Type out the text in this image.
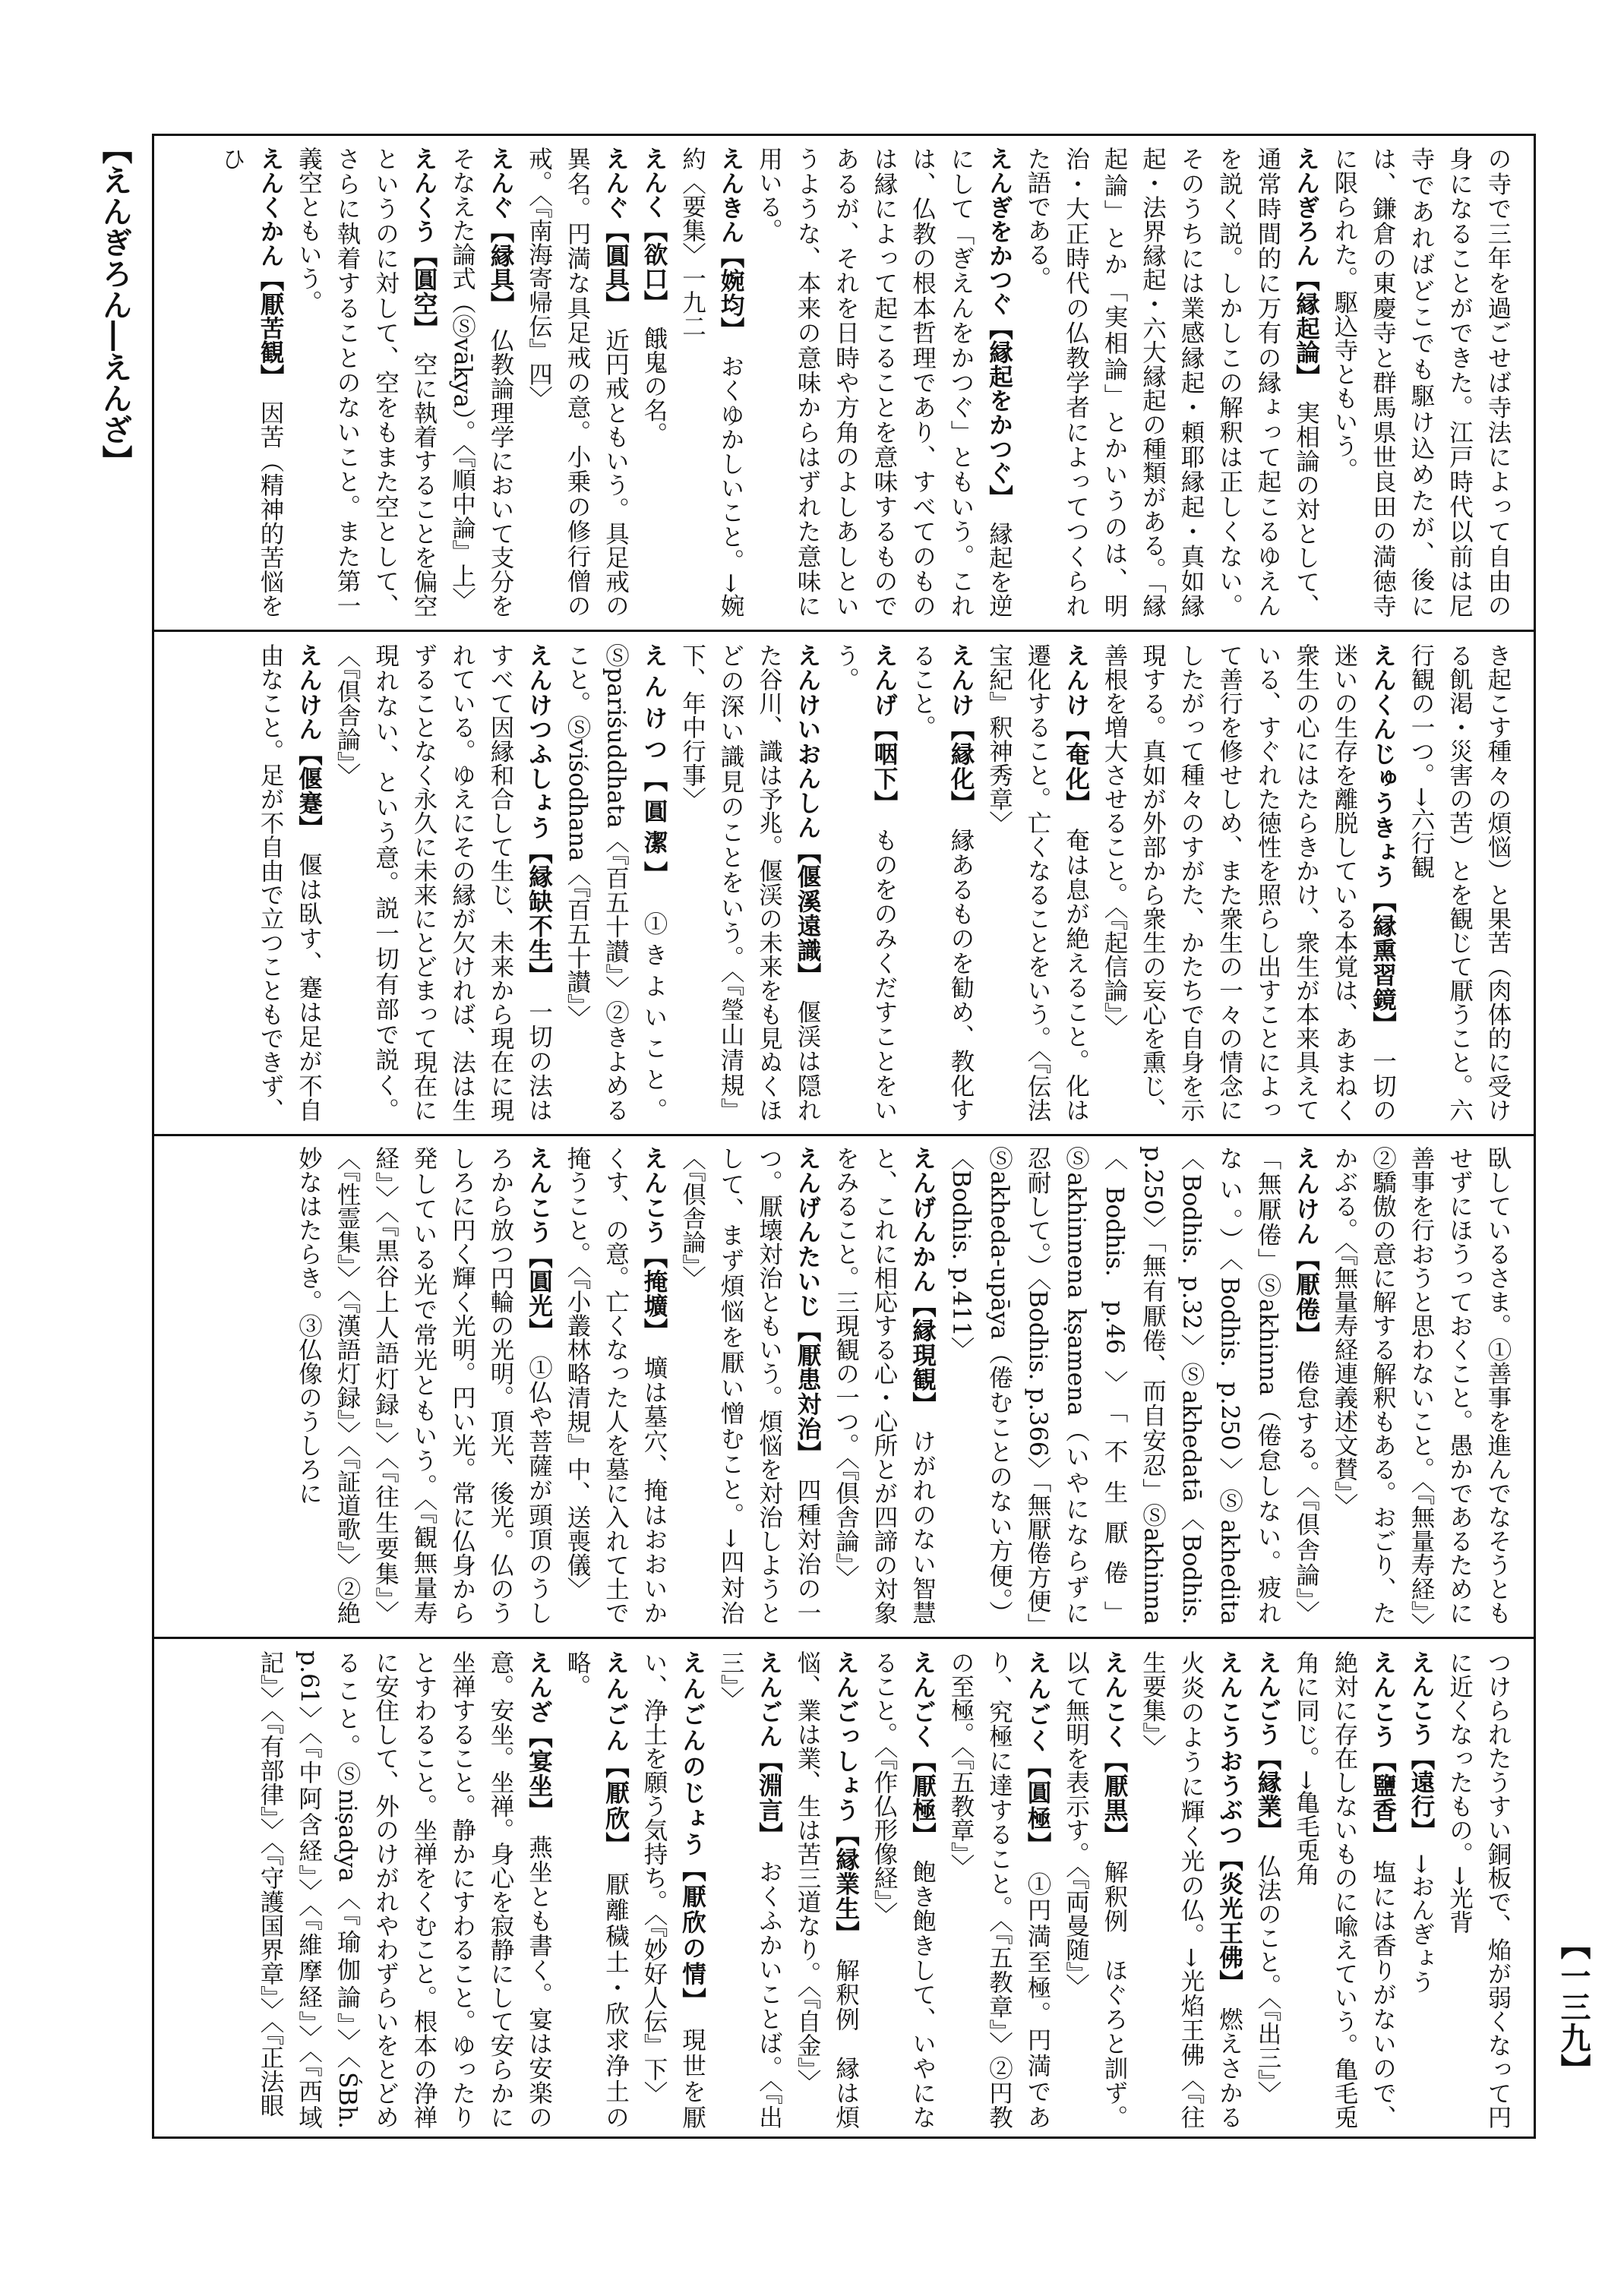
【えんぎろん―えんざ】
【一三九】

の寺で三年を過ごせば寺法によって自由の身になることができた。江戸時代以前は尼寺であればどこでも駆け込めたが、後には、鎌倉の東慶寺と群馬県世良田の満徳寺に限られた。駆込寺ともいう。

えんぎろん【縁起論】　実相論の対として、通常時間的に万有の縁ょって起こるゆえんを説く説。しかしこの解釈は正しくない。そのうちには業感縁起・頼耶縁起・真如縁起・法界縁起・六大縁起の種類がある。「縁起論」とか「実相論」とかいうのは、明治・大正時代の仏教学者によってつくられた語である。

えんぎをかつぐ【縁起をかつぐ】　縁起を逆にして「ぎえんをかつぐ」ともいう。これは、仏教の根本哲理であり、すべてのものは縁によって起こることを意味するものであるが、それを日時や方角のよしあしというような、本来の意味からはずれた意味に用いる。

えんきん【婉均】　おくゆかしいこと。→婉約〈要集〉一九二

えんく【欲口】　餓鬼の名。

えんぐ【圓具】　近円戒ともいう。具足戒の異名。円満な具足戒の意。小乗の修行僧の戒。〈『南海寄帰伝』四〉

えんぐ【縁具】　仏教論理学において支分をそなえた論式（Ⓢvākya）。〈『順中論』上〉

えんくう【圓空】　空に執着することを偏空というのに対して、空をもまた空として、さらに執着することのないこと。また第一義空ともいう。

えんくかん【厭苦観】　因苦（精神的苦悩をひ

き起こす種々の煩悩）と果苦（肉体的に受ける飢渇・災害の苦）とを観じて厭うこと。六行観の一つ。→六行観

えんくんじゅうきょう【縁熏習鏡】　一切の迷いの生存を離脱している本覚は、あまねく衆生の心にはたらきかけ、衆生が本来具えている、すぐれた徳性を照らし出すことによって善行を修せしめ、また衆生の一々の情念にしたがって種々のすがた、かたちで自身を示現する。真如が外部から衆生の妄心を熏じ、善根を増大させること。〈『起信論』〉

えんけ【奄化】　奄は息が絶えること。化は遷化すること。亡くなることをいう。〈『伝法宝紀』釈神秀章〉

えんけ【縁化】　縁あるものを勧め、教化すること。

えんげ【咽下】　ものをのみくだすことをいう。

えんけいおんしん【偃溪遠識】　偃渓は隠れた谷川、識は予兆。偃渓の未来をも見ぬくほどの深い識見のことをいう。〈『瑩山清規』下、年中行事〉

えんけつ【圓潔】　①きよいこと。Ⓢpariśuddhata〈『百五十讃』〉②きよめること。Ⓢviśodhana〈『百五十讃』〉

えんけつふしょう【縁缺不生】　一切の法はすべて因縁和合して生じ、未来から現在に現れている。ゆえにその縁が欠ければ、法は生ずることなく永久に未来にとどまって現在に現れない、という意。説一切有部で説く。〈『倶舎論』〉

えんけん【偃蹇】　偃は臥す、蹇は足が不自由なこと。足が不自由で立つこともできず、

臥しているさま。①善事を進んでなそうともせずにほうっておくこと。愚かであるために善事を行おうと思わないこと。〈『無量寿経』〉②驕傲の意に解する解釈もある。おごり、たかぶる。〈『無量寿経連義述文賛』〉

えんけん【厭倦】　倦怠する。〈『倶舎論』〉「無厭倦」Ⓢakhinna（倦怠しない。疲れない。）〈Bodhis. p.250〉Ⓢakhedita〈Bodhis. p.32〉Ⓢakhedatā〈Bodhis. p.250〉「無有厭倦、而自安忍」Ⓢakhinna〈Bodhis. p.46〉「不生厭倦」Ⓢakhinnena kṣamena（いやにならずに忍耐して。）〈Bodhis. p.366〉「無厭倦方便」Ⓢakheda-upāya（倦むことのない方便。）〈Bodhis. p.411〉

えんげんかん【縁現観】　けがれのない智慧と、これに相応する心・心所とが四諦の対象をみること。三現観の一つ。〈『倶舎論』〉

えんげんたいじ【厭患対治】　四種対治の一つ。厭壊対治ともいう。煩悩を対治しようとして、まず煩悩を厭い憎むこと。→四対治〈『倶舎論』〉

えんこう【掩壙】　壙は墓穴、掩はおおいかくす、の意。亡くなった人を墓に入れて土で掩うこと。〈『小叢林略清規』中、送喪儀〉

えんこう【圓光】　①仏や菩薩が頭頂のうしろから放つ円輪の光明。頂光、後光。仏のうしろに円く輝く光明。円い光。常に仏身から発している光で常光ともいう。〈『観無量寿経』〉〈『黒谷上人語灯録』〉〈『往生要集』〉〈『性霊集』〉〈『漢語灯録』〉〈『証道歌』〉②絶妙なはたらき。③仏像のうしろに

つけられたうすい銅板で、焔が弱くなって円に近くなったもの。→光背

えんこう【遠行】　→おんぎょう

えんこう【鹽香】　塩には香りがないので、絶対に存在しないものに喩えていう。亀毛兎角に同じ。→亀毛兎角

えんごう【縁業】　仏法のこと。〈『出三』〉

えんこうおうぶつ【炎光王佛】　燃えさかる火炎のように輝く光の仏。→光焰王佛〈『往生要集』〉

えんこく【厭黒】　解釈例　ほぐろと訓ず。以て無明を表示す。〈『両曼随』〉

えんごく【圓極】　①円満至極。円満であり、究極に達すること。〈『五教章』〉②円教の至極。〈『五教章』〉

えんごく【厭極】　飽き飽きして、いやになること。〈『作仏形像経』〉

えんごっしょう【縁業生】　解釈例　縁は煩悩、業は業、生は苦三道なり。〈『自金』〉

えんごん【淵言】　おくふかいことば。〈『出三』〉

えんごんのじょう【厭欣の情】　現世を厭い、浄土を願う気持ち。〈『妙好人伝』下〉

えんごん【厭欣】　厭離穢土・欣求浄土の略。

えんざ【宴坐】　燕坐とも書く。宴は安楽の意。安坐。坐禅。身心を寂静にして安らかに坐禅すること。静かにすわること。ゆったりとすわること。坐禅をくむこと。根本の浄禅に安住して、外のけがれやわずらいをとどめること。Ⓢniṣadya〈『瑜伽論』〉〈ŚBh. p.61〉〈『中阿含経』〉〈『維摩経』〉〈『西域記』〉〈『有部律』〉〈『守護国界章』〉〈『正法眼
